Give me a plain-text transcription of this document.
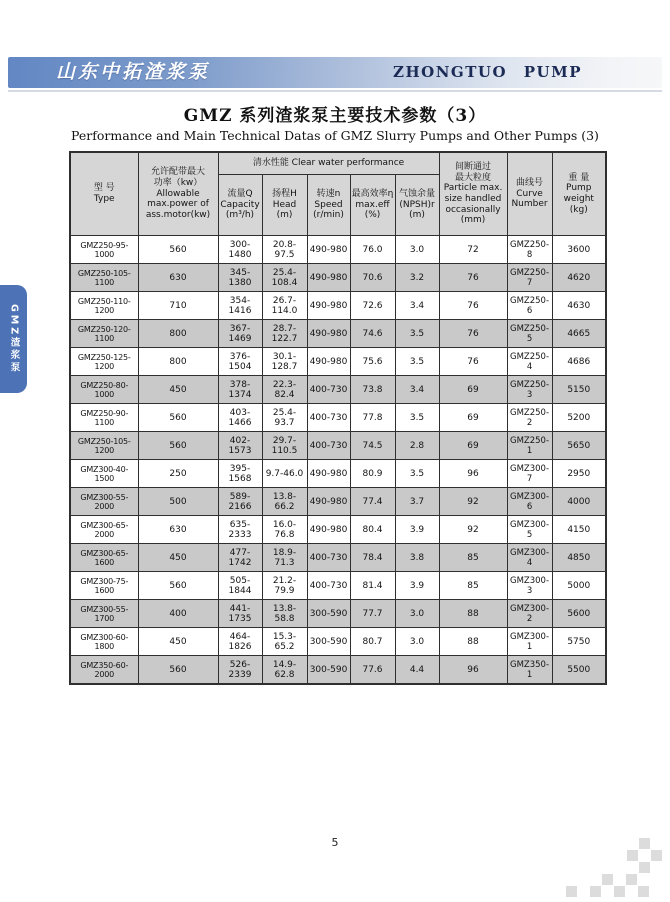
山东中拓渣浆泵	ZHONGTUO PUMP
GMZ 系列渣浆泵主要技术参数（3）
Performance and Main Technical Datas of GMZ Slurry Pumps and Other Pumps (3)
GMZ渣浆泵
型 号
Type	允许配带最大
功率（kw）
Allowable
max.power of
ass.motor(kw)	清水性能 Clear water performance	间断通过
最大粒度
Particle max.
size handled
occasionally
(mm)	曲线号
Curve
Number	重 量
Pump
weight
(kg)
		流量Q
Capacity
(m³/h)	扬程H
Head
(m)	转速n
Speed
(r/min)	最高效率η
max.eff
(%)	气蚀余量
(NPSH)r
(m)			
GMZ250-95-1000	560	300-1480	20.8-97.5	490-980	76.0	3.0	72	GMZ250-8	3600
GMZ250-105-1100	630	345-1380	25.4-108.4	490-980	70.6	3.2	76	GMZ250-7	4620
GMZ250-110-1200	710	354-1416	26.7-114.0	490-980	72.6	3.4	76	GMZ250-6	4630
GMZ250-120-1100	800	367-1469	28.7-122.7	490-980	74.6	3.5	76	GMZ250-5	4665
GMZ250-125-1200	800	376-1504	30.1-128.7	490-980	75.6	3.5	76	GMZ250-4	4686
GMZ250-80-1000	450	378-1374	22.3-82.4	400-730	73.8	3.4	69	GMZ250-3	5150
GMZ250-90-1100	560	403-1466	25.4-93.7	400-730	77.8	3.5	69	GMZ250-2	5200
GMZ250-105-1200	560	402-1573	29.7-110.5	400-730	74.5	2.8	69	GMZ250-1	5650
GMZ300-40-1500	250	395-1568	9.7-46.0	490-980	80.9	3.5	96	GMZ300-7	2950
GMZ300-55-2000	500	589-2166	13.8-66.2	490-980	77.4	3.7	92	GMZ300-6	4000
GMZ300-65-2000	630	635-2333	16.0-76.8	490-980	80.4	3.9	92	GMZ300-5	4150
GMZ300-65-1600	450	477-1742	18.9-71.3	400-730	78.4	3.8	85	GMZ300-4	4850
GMZ300-75-1600	560	505-1844	21.2-79.9	400-730	81.4	3.9	85	GMZ300-3	5000
GMZ300-55-1700	400	441-1735	13.8-58.8	300-590	77.7	3.0	88	GMZ300-2	5600
GMZ300-60-1800	450	464-1826	15.3-65.2	300-590	80.7	3.0	88	GMZ300-1	5750
GMZ350-60-2000	560	526-2339	14.9-62.8	300-590	77.6	4.4	96	GMZ350-1	5500
5
